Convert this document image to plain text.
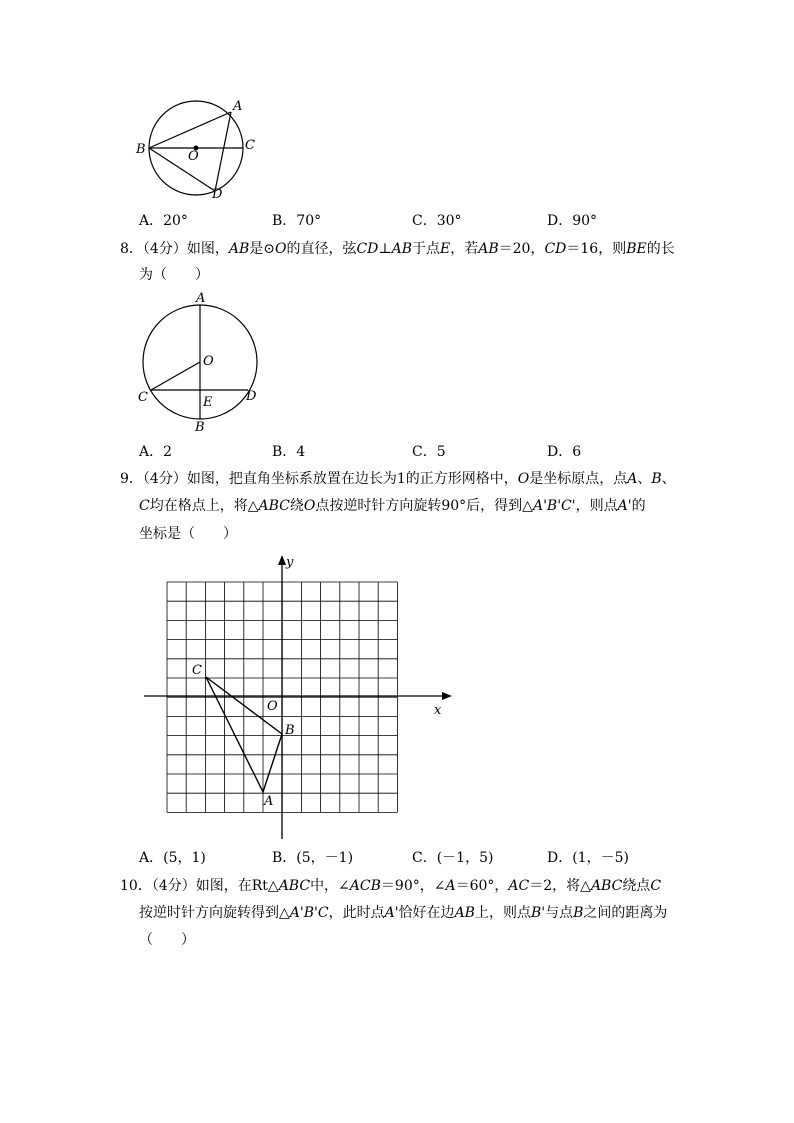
A
B	C
D
O
A．20°	B．70°	C．30°	D．90°
8．（4分）如图，AB是⊙O的直径，弦CD⊥AB于点E，若AB＝20，CD＝16，则BE的长
为（　　）
A
O
C	D
E
B
A．2	B．4	C．5	D．6
9．（4分）如图，把直角坐标系放置在边长为1的正方形网格中，O是坐标原点，点A、B、
C均在格点上，将△ABC绕O点按逆时针方向旋转90°后，得到△A'B'C'，则点A'的
坐标是（　　）
x
y
O
C
B
A
A．(5，1)	B．(5，－1)	C．(－1，5)	D．(1，－5)
10．（4分）如图，在Rt△ABC中，∠ACB＝90°，∠A＝60°，AC＝2，将△ABC绕点C
按逆时针方向旋转得到△A'B'C，此时点A'恰好在边AB上，则点B'与点B之间的距离为
（　　）
